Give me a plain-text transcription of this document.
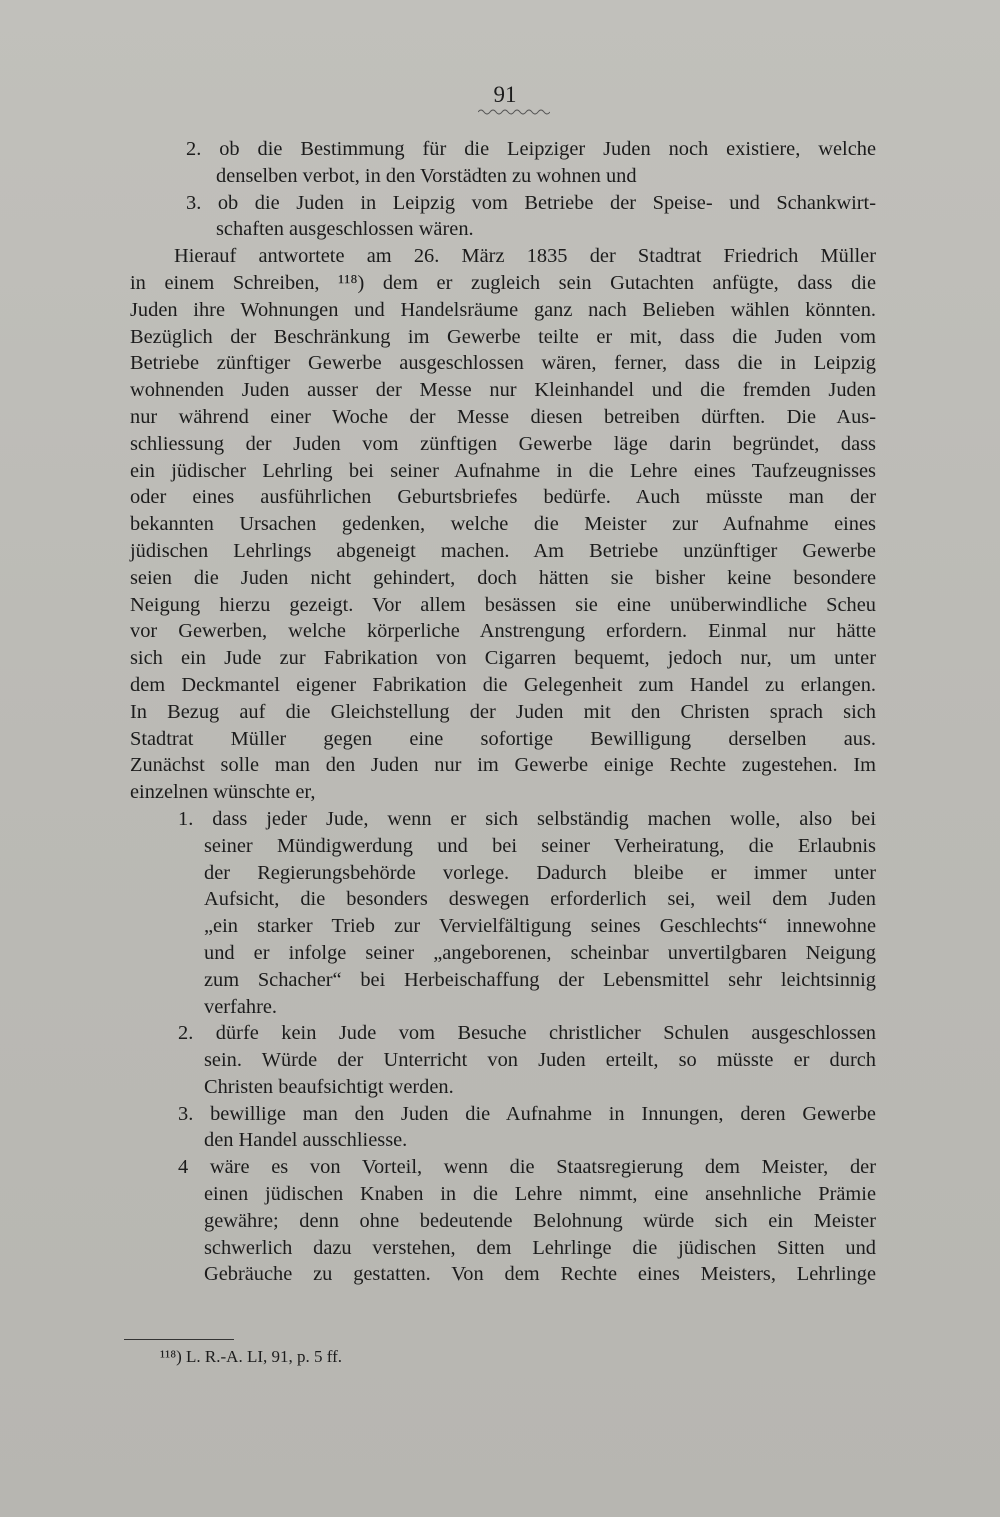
91
2. ob die Bestimmung für die Leipziger Juden noch existiere, welche
denselben verbot, in den Vorstädten zu wohnen und
3. ob die Juden in Leipzig vom Betriebe der Speise- und Schankwirt-
schaften ausgeschlossen wären.
Hierauf antwortete am 26. März 1835 der Stadtrat Friedrich Müller
in einem Schreiben, ¹¹⁸) dem er zugleich sein Gutachten anfügte, dass die
Juden ihre Wohnungen und Handelsräume ganz nach Belieben wählen könnten.
Bezüglich der Beschränkung im Gewerbe teilte er mit, dass die Juden vom
Betriebe zünftiger Gewerbe ausgeschlossen wären, ferner, dass die in Leipzig
wohnenden Juden ausser der Messe nur Kleinhandel und die fremden Juden
nur während einer Woche der Messe diesen betreiben dürften. Die Aus-
schliessung der Juden vom zünftigen Gewerbe läge darin begründet, dass
ein jüdischer Lehrling bei seiner Aufnahme in die Lehre eines Taufzeugnisses
oder eines ausführlichen Geburtsbriefes bedürfe. Auch müsste man der
bekannten Ursachen gedenken, welche die Meister zur Aufnahme eines
jüdischen Lehrlings abgeneigt machen. Am Betriebe unzünftiger Gewerbe
seien die Juden nicht gehindert, doch hätten sie bisher keine besondere
Neigung hierzu gezeigt. Vor allem besässen sie eine unüberwindliche Scheu
vor Gewerben, welche körperliche Anstrengung erfordern. Einmal nur hätte
sich ein Jude zur Fabrikation von Cigarren bequemt, jedoch nur, um unter
dem Deckmantel eigener Fabrikation die Gelegenheit zum Handel zu erlangen.
In Bezug auf die Gleichstellung der Juden mit den Christen sprach sich
Stadtrat Müller gegen eine sofortige Bewilligung derselben aus.
Zunächst solle man den Juden nur im Gewerbe einige Rechte zugestehen. Im
einzelnen wünschte er,
1. dass jeder Jude, wenn er sich selbständig machen wolle, also bei
seiner Mündigwerdung und bei seiner Verheiratung, die Erlaubnis
der Regierungsbehörde vorlege. Dadurch bleibe er immer unter
Aufsicht, die besonders deswegen erforderlich sei, weil dem Juden
„ein starker Trieb zur Vervielfältigung seines Geschlechts“ innewohne
und er infolge seiner „angeborenen, scheinbar unvertilgbaren Neigung
zum Schacher“ bei Herbeischaffung der Lebensmittel sehr leichtsinnig
verfahre.
2. dürfe kein Jude vom Besuche christlicher Schulen ausgeschlossen
sein. Würde der Unterricht von Juden erteilt, so müsste er durch
Christen beaufsichtigt werden.
3. bewillige man den Juden die Aufnahme in Innungen, deren Gewerbe
den Handel ausschliesse.
4 wäre es von Vorteil, wenn die Staatsregierung dem Meister, der
einen jüdischen Knaben in die Lehre nimmt, eine ansehnliche Prämie
gewähre; denn ohne bedeutende Belohnung würde sich ein Meister
schwerlich dazu verstehen, dem Lehrlinge die jüdischen Sitten und
Gebräuche zu gestatten. Von dem Rechte eines Meisters, Lehrlinge
¹¹⁸) L. R.-A. LI, 91, p. 5 ff.
